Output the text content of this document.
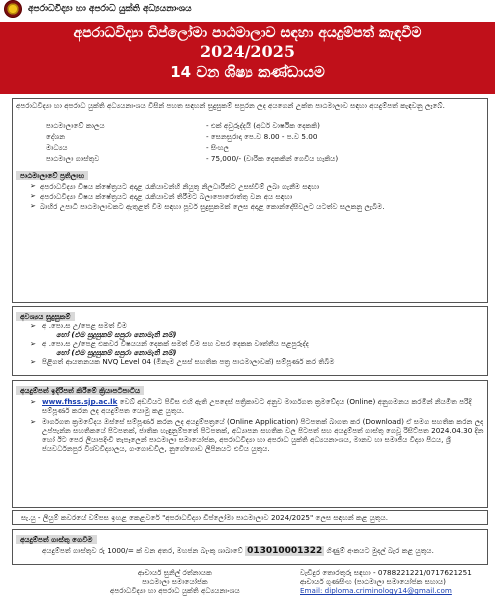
අපරාධවිද්‍යා හා අපරාධ යුක්ති අධ්‍යයනාංශය
අපරාධවිද්‍යා ඩිප්ලෝමා පාඨමාලාව සඳහා අයදුම්පත් කැඳවීම
2024/2025
14 වන ශිෂ්‍ය කණ්ඩායම
අපරාධවිද්‍යා හා අපරාධ යුක්ති අධ්‍යයනාංශය විසින් පහත සඳහන් සුදුසුකම් සපුරන ලද අයගෙන් උක්ත පාඨමාලාව සඳහා අයදුම්පත් කැඳවනු ලැබේ.
පාඨමාලාවේ කාලය	- එක් අවුරුද්දයි (අර්ධ වාර්ෂික දෙකකි)
දේශන	- සෙනසුරාදා පෙ.ව 8.00 - ප.ව 5.00
මාධ්‍යය	- සිංහල
පාඨමාලා ගාස්තුව	- 75,000/- (වාරික දෙකකින් ගෙවිය හැකිය)
පාඨමාලාවේ ප්‍රතිලාභ
➢ අපරාධවිද්‍යා විෂය ක්ෂේත්‍රයට අදාළ රැකියාවන්හි නියුතු නිලධාරීන්ට උසස්වීම් ලබා ගැනීම සඳහා
➢ අපරාධවිද්‍යා විෂය ක්ෂේත්‍රයට අදාළ රැකියාවන් තිරීමට බලාපොරොත්තු වන අය සඳහා
➢ බාහිර උපාධි පාඨමාලාවකට ඇතුළත් වීම සඳහා පූර්ව සුදුසුකමක් ලෙස අදාළ කොන්දේසිවලට යටත්ව සලකනු ලැබීම.
අවශ්‍යය සුදුසුකම්
➢ අ .පො.ස උ/පෙළ සමත් වීම
හෝ (එම සුදුසුකම් සපුරා නොමැති නම්)
➢ අ .පො.ස උ/පෙළ එකවර විෂයයන් දෙකක් සමත් වීම සහ වසර දෙකක වෘත්තීය පළපුරුද්ද
හෝ (එම සුදුසුකම් සපුරා නොමැති නම්)
➢ පිළිගත් ආයතනයක NVQ Level 04 (මීනැම උසස් සහතික පත්‍ර පාඨමාලාවක්) සම්පූර්ණ කර තිබීම
අයදුම්පත් ඉදිරිපත් කිරීමේ ක්‍රියාපටිපාටිය
➢ www.fhss.sjp.ac.lk වෙබ් අඩවියට පිවිස එහි ඇති උපදෙස් පත්‍රිකාවට අනුව මාර්ගගත ක්‍රමවේදය (Online) අනුගමනය කරමින් නියමිත පරිදි සම්පූර්ණ කරන ලද අයදුම්පත යොමු කළ යුතුය.
➢ මාර්ගගත ක්‍රමවේදය ඔස්සේ සම්පූර්ණ කරන ලද අයදුම්පත්‍රයේ (Online Application) පිටපතක් බාගත කර (Download) ඒ සමග සහතික කරන ලද උප්පැන්න සහතිකයේ පිටපතක්, ජාතික හැඳුනුම්පතේ පිටපතක්, අධ්‍යාපන සහතික වල පිටපත් සහ අයදුම්පත් ගාස්තු ගෙවූ රිසිට්පත 2024.04.30 දින හෝ ඊට පෙර ලියාපදිංචි තැපෑලෙන් පාඨමාලා සමායෝජක, අපරාධවිද්‍යා හා අපරාධ යුක්ති අධ්‍යයනාංශය, මානව හා සමාජීය විද්‍යා පීඨය, ශ්‍රී ජයවර්ධනපුර විශ්වවිද්‍යාලය, ගංගොඩවිල, නුගේගොඩ ලිපිනයට එවිය යුතුය.
සැ.යු - ලියුම් කවරයේ වම්පස ඉහළ කෙළවරේ "අපරාධවිද්‍යා ඩිප්ලෝමා පාඨමාලාව 2024/2025" ලෙස සඳහන් කළ යුතුය.
අයදුම්පත් ගාස්තු ගෙවීම
අයදුම්පත් ගාස්තුව රු 1000/= ක් වන අතර, මහජන බැංකු ශාඛාවේ 013010001322 ගිණුම් අංකයට මුදල් බැර කළ යුතුය.
ආචාර්ය සුනිල් රත්නායක
පාඨමාලා සමායෝජක
අපරාධවිද්‍යා හා අපරාධ යුක්ති අධ්‍යයනාංශය
වැඩිදුර තොරතුරු සඳහා - 0788221221/0717621251
ආචාර්ය ගුණසිංහ (පාඨමාලා සමායෝජක සහාය)
Email: diploma.criminology14@gmail.com
